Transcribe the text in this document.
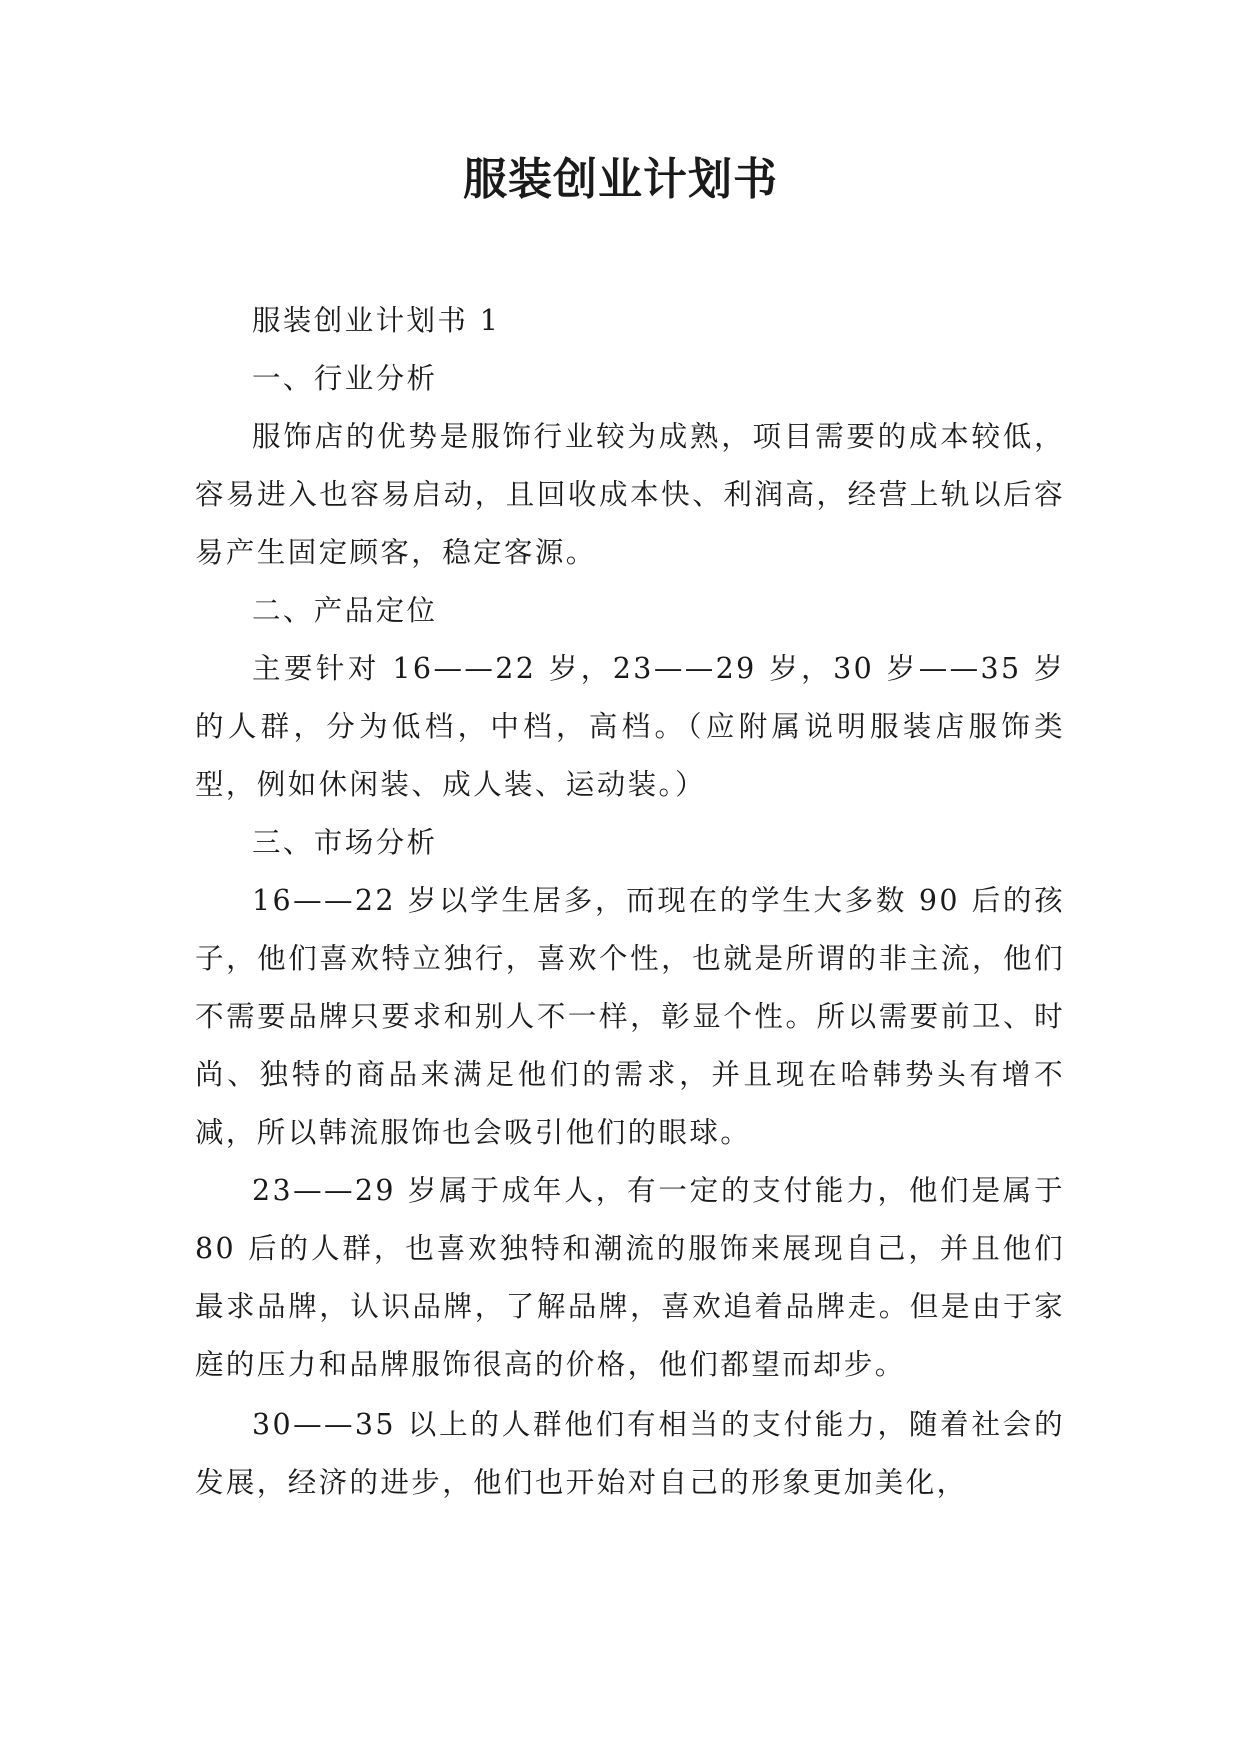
服装创业计划书

服装创业计划书 1

一、行业分析

服饰店的优势是服饰行业较为成熟，项目需要的成本较低，容易进入也容易启动，且回收成本快、利润高，经营上轨以后容易产生固定顾客，稳定客源。

二、产品定位

主要针对 16——22 岁，23——29 岁，30 岁——35 岁的人群，分为低档，中档，高档。（应附属说明服装店服饰类型，例如休闲装、成人装、运动装。）

三、市场分析

16——22 岁以学生居多，而现在的学生大多数 90 后的孩子，他们喜欢特立独行，喜欢个性，也就是所谓的非主流，他们不需要品牌只要求和别人不一样，彰显个性。所以需要前卫、时尚、独特的商品来满足他们的需求，并且现在哈韩势头有增不减，所以韩流服饰也会吸引他们的眼球。

23——29 岁属于成年人，有一定的支付能力，他们是属于 80 后的人群，也喜欢独特和潮流的服饰来展现自己，并且他们最求品牌，认识品牌，了解品牌，喜欢追着品牌走。但是由于家庭的压力和品牌服饰很高的价格，他们都望而却步。

30——35 以上的人群他们有相当的支付能力，随着社会的发展，经济的进步，他们也开始对自己的形象更加美化，
